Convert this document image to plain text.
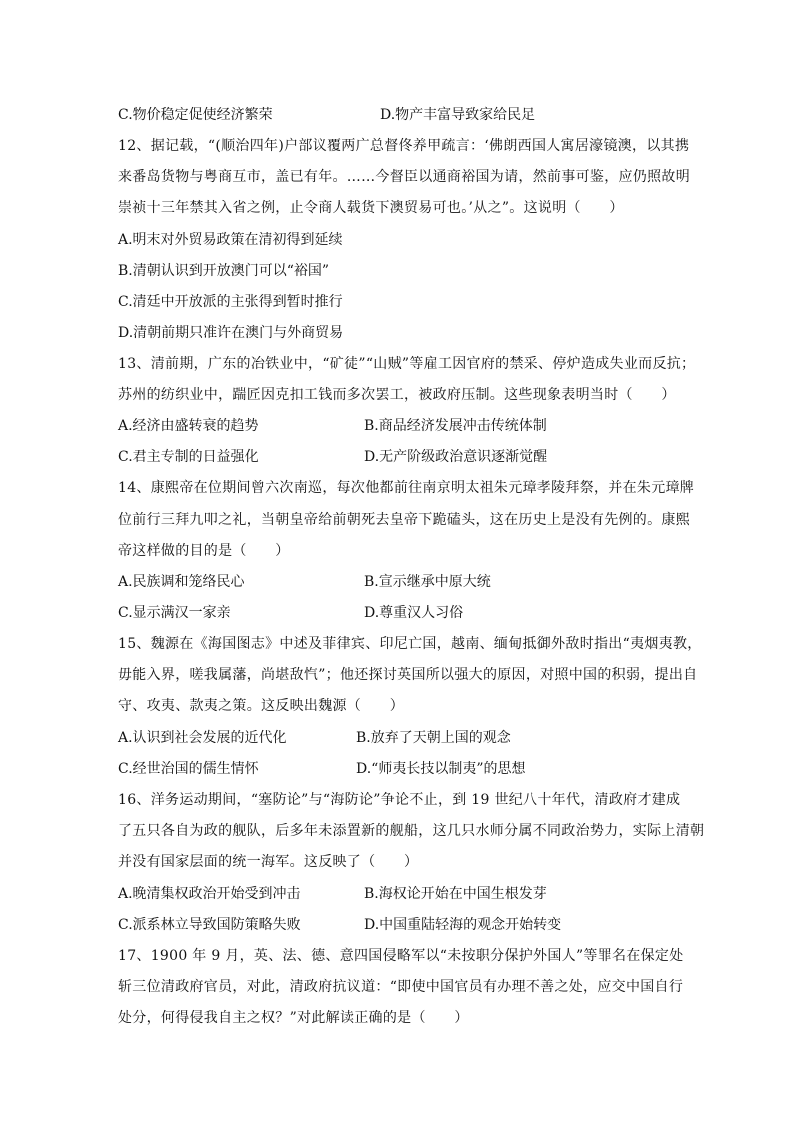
C.物价稳定促使经济繁荣	D.物产丰富导致家给民足
12、据记载，“(顺治四年)户部议覆两广总督佟养甲疏言：‘佛朗西国人寓居濠镜澳，以其携
来番岛货物与粤商互市，盖已有年。……今督臣以通商裕国为请，然前事可鉴，应仍照故明
崇祯十三年禁其入省之例，止令商人载货下澳贸易可也。’从之”。这说明（　　）
A.明末对外贸易政策在清初得到延续
B.清朝认识到开放澳门可以“裕国”
C.清廷中开放派的主张得到暂时推行
D.清朝前期只准许在澳门与外商贸易
13、清前期，广东的冶铁业中，“矿徒”“山贼”等雇工因官府的禁采、停炉造成失业而反抗；
苏州的纺织业中，踹匠因克扣工钱而多次罢工，被政府压制。这些现象表明当时（　　）
A.经济由盛转衰的趋势	B.商品经济发展冲击传统体制
C.君主专制的日益强化	D.无产阶级政治意识逐渐觉醒
14、康熙帝在位期间曾六次南巡，每次他都前往南京明太祖朱元璋孝陵拜祭，并在朱元璋牌
位前行三拜九叩之礼，当朝皇帝给前朝死去皇帝下跪磕头，这在历史上是没有先例的。康熙
帝这样做的目的是（　　）
A.民族调和笼络民心	B.宣示继承中原大统
C.显示满汉一家亲	D.尊重汉人习俗
15、魏源在《海国图志》中述及菲律宾、印尼亡国，越南、缅甸抵御外敌时指出“夷烟夷教，
毋能入界，嗟我属藩，尚堪敌忾”；他还探讨英国所以强大的原因，对照中国的积弱，提出自
守、攻夷、款夷之策。这反映出魏源（　　）
A.认识到社会发展的近代化	B.放弃了天朝上国的观念
C.经世治国的儒生情怀	D.“师夷长技以制夷”的思想
16、洋务运动期间，“塞防论”与“海防论”争论不止，到 19 世纪八十年代，清政府才建成
了五只各自为政的舰队，后多年未添置新的舰船，这几只水师分属不同政治势力，实际上清朝
并没有国家层面的统一海军。这反映了（　　）
A.晚清集权政治开始受到冲击	B.海权论开始在中国生根发芽
C.派系林立导致国防策略失败	D.中国重陆轻海的观念开始转变
17、1900 年 9 月，英、法、德、意四国侵略军以“未按职分保护外国人”等罪名在保定处
斩三位清政府官员，对此，清政府抗议道：“即使中国官员有办理不善之处，应交中国自行
处分，何得侵我自主之权？”对此解读正确的是（　　）
